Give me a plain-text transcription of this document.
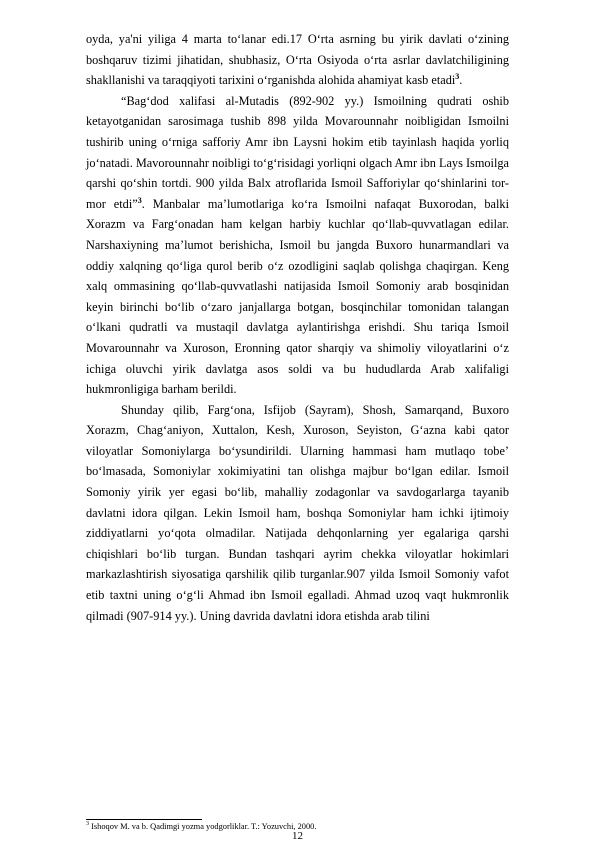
oyda, ya'ni yiliga 4 marta to‘lanar edi.17 O‘rta asrning bu yirik davlati o‘zining boshqaruv tizimi jihatidan, shubhasiz, O‘rta Osiyoda o‘rta asrlar davlatchiligining shakllanishi va taraqqiyoti tarixini o‘rganishda alohida ahamiyat kasb etadi$^3$.

“Bag‘dod xalifasi al-Mutadis (892-902 yy.) Ismoilning qudrati oshib ketayotganidan sarosimaga tushib 898 yilda Movarounnahr noibligidan Ismoilni tushirib uning o‘rniga safforiy Amr ibn Laysni hokim etib tayinlash haqida yorliq jo‘natadi. Mavorounnahr noibligi to‘g‘risidagi yorliqni olgach Amr ibn Lays Ismoilga qarshi qo‘shin tortdi. 900 yilda Balx atroflarida Ismoil Safforiylar qo‘shinlarini tor-mor etdi”$^3$. Manbalar ma’lumotlariga ko‘ra Ismoilni nafaqat Buxorodan, balki Xorazm va Farg‘onadan ham kelgan harbiy kuchlar qo‘llab-quvvatlagan edilar. Narshaxiyning ma’lumot berishicha, Ismoil bu jangda Buxoro hunarmandlari va oddiy xalqning qo‘liga qurol berib o‘z ozodligini saqlab qolishga chaqirgan. Keng xalq ommasining qo‘llab-quvvatlashi natijasida Ismoil Somoniy arab bosqinidan keyin birinchi bo‘lib o‘zaro janjallarga botgan, bosqinchilar tomonidan talangan o‘lkani qudratli va mustaqil davlatga aylantirishga erishdi. Shu tariqa Ismoil Movarounnahr va Xuroson, Eronning qator sharqiy va shimoliy viloyatlarini o‘z ichiga oluvchi yirik davlatga asos soldi va bu hududlarda Arab xalifaligi hukmronligiga barham berildi.

Shunday qilib, Farg‘ona, Isfijob (Sayram), Shosh, Samarqand, Buxoro Xorazm, Chag‘aniyon, Xuttalon, Kesh, Xuroson, Seyiston, G‘azna kabi qator viloyatlar Somoniylarga bo‘ysundirildi. Ularning hammasi ham mutlaqo tobe’ bo‘lmasada, Somoniylar xokimiyatini tan olishga majbur bo‘lgan edilar. Ismoil Somoniy yirik yer egasi bo‘lib, mahalliy zodagonlar va savdogarlarga tayanib davlatni idora qilgan. Lekin Ismoil ham, boshqa Somoniylar ham ichki ijtimoiy ziddiyatlarni yo‘qota olmadilar. Natijada dehqonlarning yer egalariga qarshi chiqishlari bo‘lib turgan. Bundan tashqari ayrim chekka viloyatlar hokimlari markazlashtirish siyosatiga qarshilik qilib turganlar.907 yilda Ismoil Somoniy vafot etib taxtni uning o‘g‘li Ahmad ibn Ismoil egalladi. Ahmad uzoq vaqt hukmronlik qilmadi (907-914 yy.). Uning davrida davlatni idora etishda arab tilini

$^3$ Ishoqov M. va b. Qadimgi yozma yodgorliklar. T.: Yozuvchi, 2000.
12
